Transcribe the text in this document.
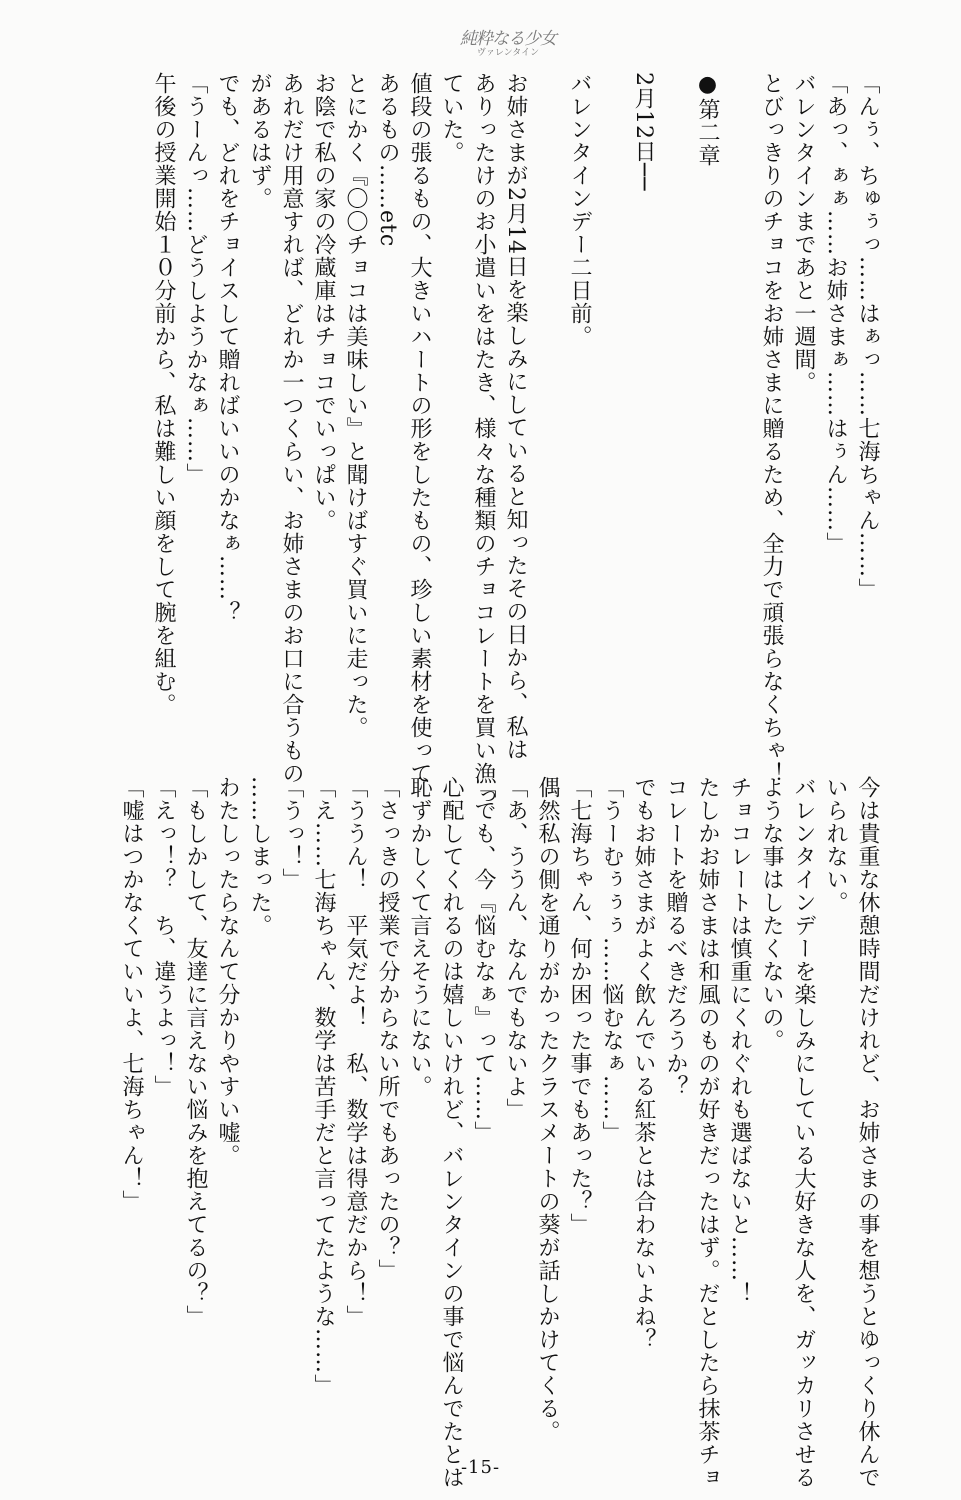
純粋なる少女
ヴァレンタイン
「んぅ、ちゅぅっ……はぁっ……七海ちゃん……」
「あっ、ぁぁ……お姉さまぁ……はぅん……」
バレンタインまであと一週間。
とびっきりのチョコをお姉さまに贈るため、全力で頑張らなくちゃ！
●第二章
2月12日──
バレンタインデー二日前。
お姉さまが2月14日を楽しみにしていると知ったその日から、私は
ありったけのお小遣いをはたき、様々な種類のチョコレートを買い漁っ
ていた。
値段の張るもの、大きいハートの形をしたもの、珍しい素材を使って
あるもの……etc
とにかく『〇〇チョコは美味しい』と聞けばすぐ買いに走った。
お陰で私の家の冷蔵庫はチョコでいっぱい。
あれだけ用意すれば、どれか一つくらい、お姉さまのお口に合うもの
があるはず。
でも、どれをチョイスして贈ればいいのかなぁ……？
「うーんっ……どうしようかなぁ……」
午後の授業開始１０分前から、私は難しい顔をして腕を組む。
今は貴重な休憩時間だけれど、お姉さまの事を想うとゆっくり休んで
いられない。
バレンタインデーを楽しみにしている大好きな人を、ガッカリさせる
ような事はしたくないの。
チョコレートは慎重にくれぐれも選ばないと……！
たしかお姉さまは和風のものが好きだったはず。だとしたら抹茶チョ
コレートを贈るべきだろうか？
でもお姉さまがよく飲んでいる紅茶とは合わないよね？
「うーむぅぅぅ……悩むなぁ……」
「七海ちゃん、何か困った事でもあった？」
偶然私の側を通りがかったクラスメートの葵が話しかけてくる。
「あ、ううん、なんでもないよ」
「でも、今『悩むなぁ』って……」
心配してくれるのは嬉しいけれど、バレンタインの事で悩んでたとは
恥ずかしくて言えそうにない。
「さっきの授業で分からない所でもあったの？」
「ううん！　平気だよ！　私、数学は得意だから！」
「え……七海ちゃん、数学は苦手だと言ってたような……」
「うっ！」
……しまった。
わたしったらなんて分かりやすい嘘。
「もしかして、友達に言えない悩みを抱えてるの？」
「えっ！？　ち、違うよっ！」
「嘘はつかなくていいよ、七海ちゃん！」
-15-
